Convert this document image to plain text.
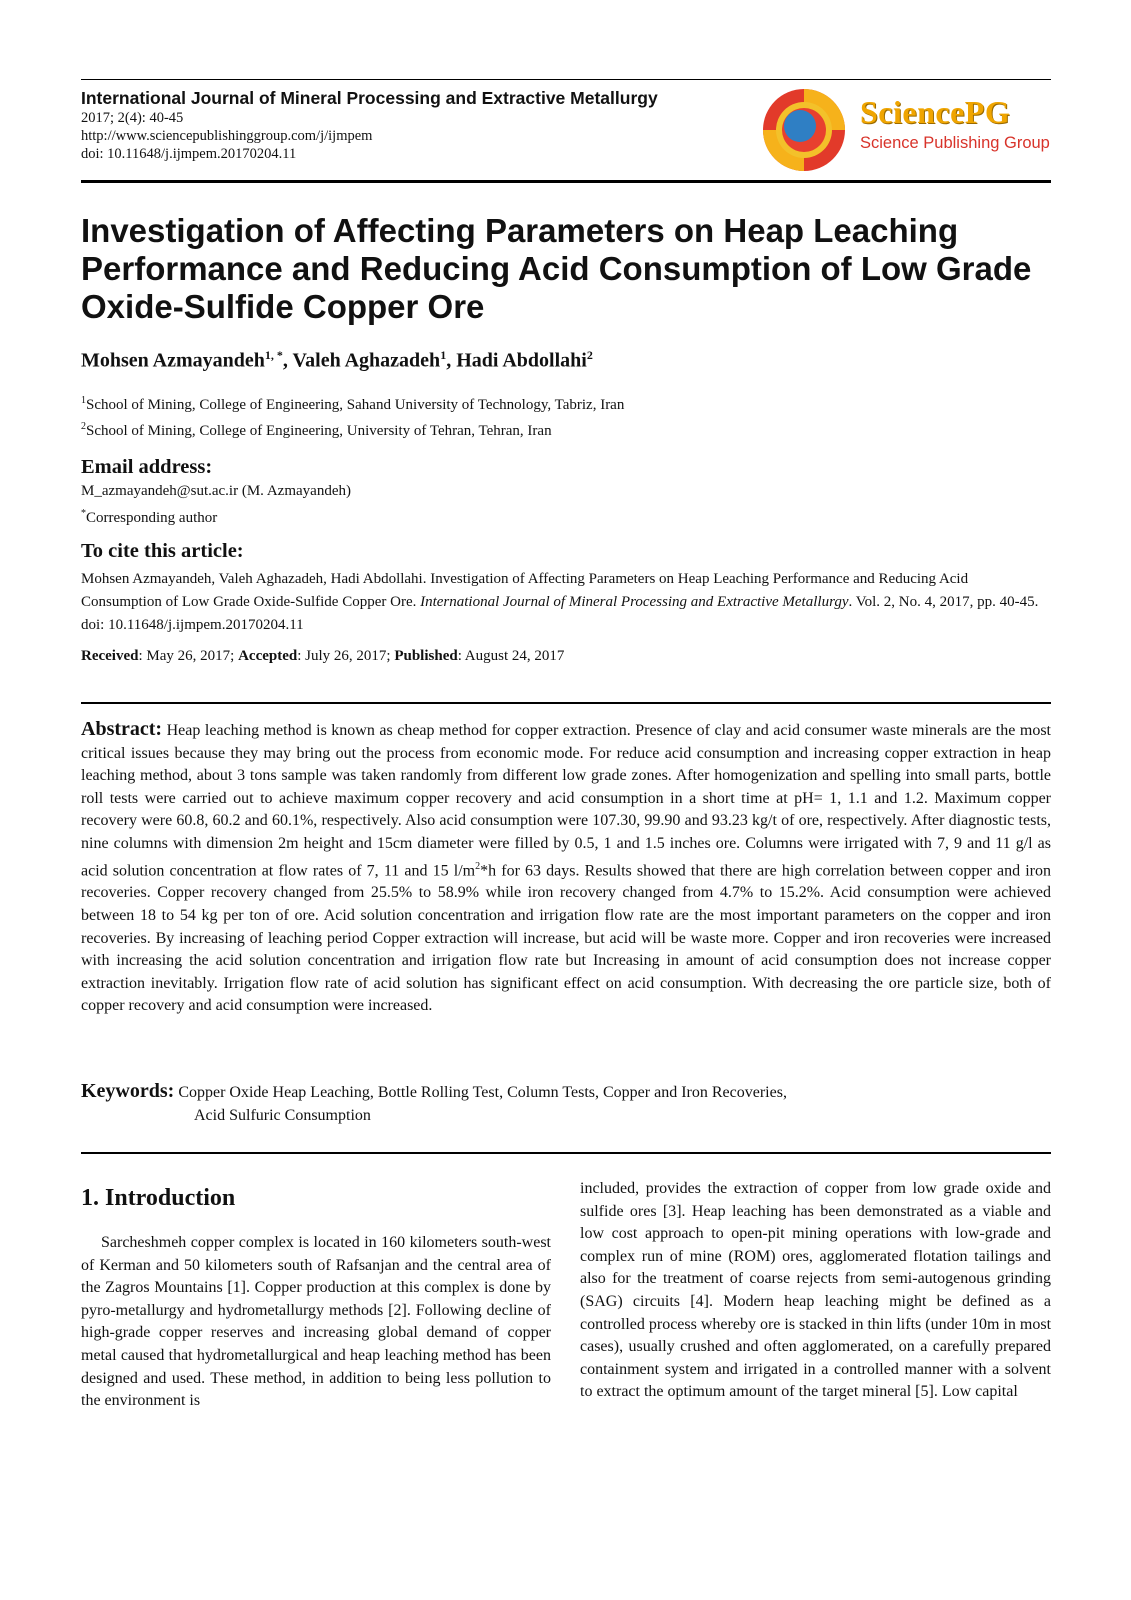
International Journal of Mineral Processing and Extractive Metallurgy

2017; 2(4): 40-45

http://www.sciencepublishinggroup.com/j/ijmpem

doi: 10.11648/j.ijmpem.20170204.11

SciencePG
Science Publishing Group
Investigation of Affecting Parameters on Heap Leaching Performance and Reducing Acid Consumption of Low Grade Oxide-Sulfide Copper Ore

Mohsen Azmayandeh$^{1, *}$, Valeh Aghazadeh$^1$, Hadi Abdollahi$^2$

$^1$School of Mining, College of Engineering, Sahand University of Technology, Tabriz, Iran

$^2$School of Mining, College of Engineering, University of Tehran, Tehran, Iran

Email address:

M_azmayandeh@sut.ac.ir (M. Azmayandeh)

*Corresponding author

To cite this article:

Mohsen Azmayandeh, Valeh Aghazadeh, Hadi Abdollahi. Investigation of Affecting Parameters on Heap Leaching Performance and Reducing Acid Consumption of Low Grade Oxide-Sulfide Copper Ore. International Journal of Mineral Processing and Extractive Metallurgy. Vol. 2, No. 4, 2017, pp. 40-45. doi: 10.11648/j.ijmpem.20170204.11

Received: May 26, 2017; Accepted: July 26, 2017; Published: August 24, 2017

Abstract: Heap leaching method is known as cheap method for copper extraction. Presence of clay and acid consumer waste minerals are the most critical issues because they may bring out the process from economic mode. For reduce acid consumption and increasing copper extraction in heap leaching method, about 3 tons sample was taken randomly from different low grade zones. After homogenization and spelling into small parts, bottle roll tests were carried out to achieve maximum copper recovery and acid consumption in a short time at pH= 1, 1.1 and 1.2. Maximum copper recovery were 60.8, 60.2 and 60.1%, respectively. Also acid consumption were 107.30, 99.90 and 93.23 kg/t of ore, respectively. After diagnostic tests, nine columns with dimension 2m height and 15cm diameter were filled by 0.5, 1 and 1.5 inches ore. Columns were irrigated with 7, 9 and 11 g/l as acid solution concentration at flow rates of 7, 11 and 15 $l/m^2*h$ for 63 days. Results showed that there are high correlation between copper and iron recoveries. Copper recovery changed from 25.5% to 58.9% while iron recovery changed from 4.7% to 15.2%. Acid consumption were achieved between 18 to 54 kg per ton of ore. Acid solution concentration and irrigation flow rate are the most important parameters on the copper and iron recoveries. By increasing of leaching period Copper extraction will increase, but acid will be waste more. Copper and iron recoveries were increased with increasing the acid solution concentration and irrigation flow rate but Increasing in amount of acid consumption does not increase copper extraction inevitably. Irrigation flow rate of acid solution has significant effect on acid consumption. With decreasing the ore particle size, both of copper recovery and acid consumption were increased.

Keywords: Copper Oxide Heap Leaching, Bottle Rolling Test, Column Tests, Copper and Iron Recoveries,
Acid Sulfuric Consumption
1. Introduction

Sarcheshmeh copper complex is located in 160 kilometers south-west of Kerman and 50 kilometers south of Rafsanjan and the central area of the Zagros Mountains [1]. Copper production at this complex is done by pyro-metallurgy and hydrometallurgy methods [2]. Following decline of high-grade copper reserves and increasing global demand of copper metal caused that hydrometallurgical and heap leaching method has been designed and used. These method, in addition to being less pollution to the environment is

included, provides the extraction of copper from low grade oxide and sulfide ores [3]. Heap leaching has been demonstrated as a viable and low cost approach to open-pit mining operations with low-grade and complex run of mine (ROM) ores, agglomerated flotation tailings and also for the treatment of coarse rejects from semi-autogenous grinding (SAG) circuits [4]. Modern heap leaching might be defined as a controlled process whereby ore is stacked in thin lifts (under 10m in most cases), usually crushed and often agglomerated, on a carefully prepared containment system and irrigated in a controlled manner with a solvent to extract the optimum amount of the target mineral [5]. Low capital
